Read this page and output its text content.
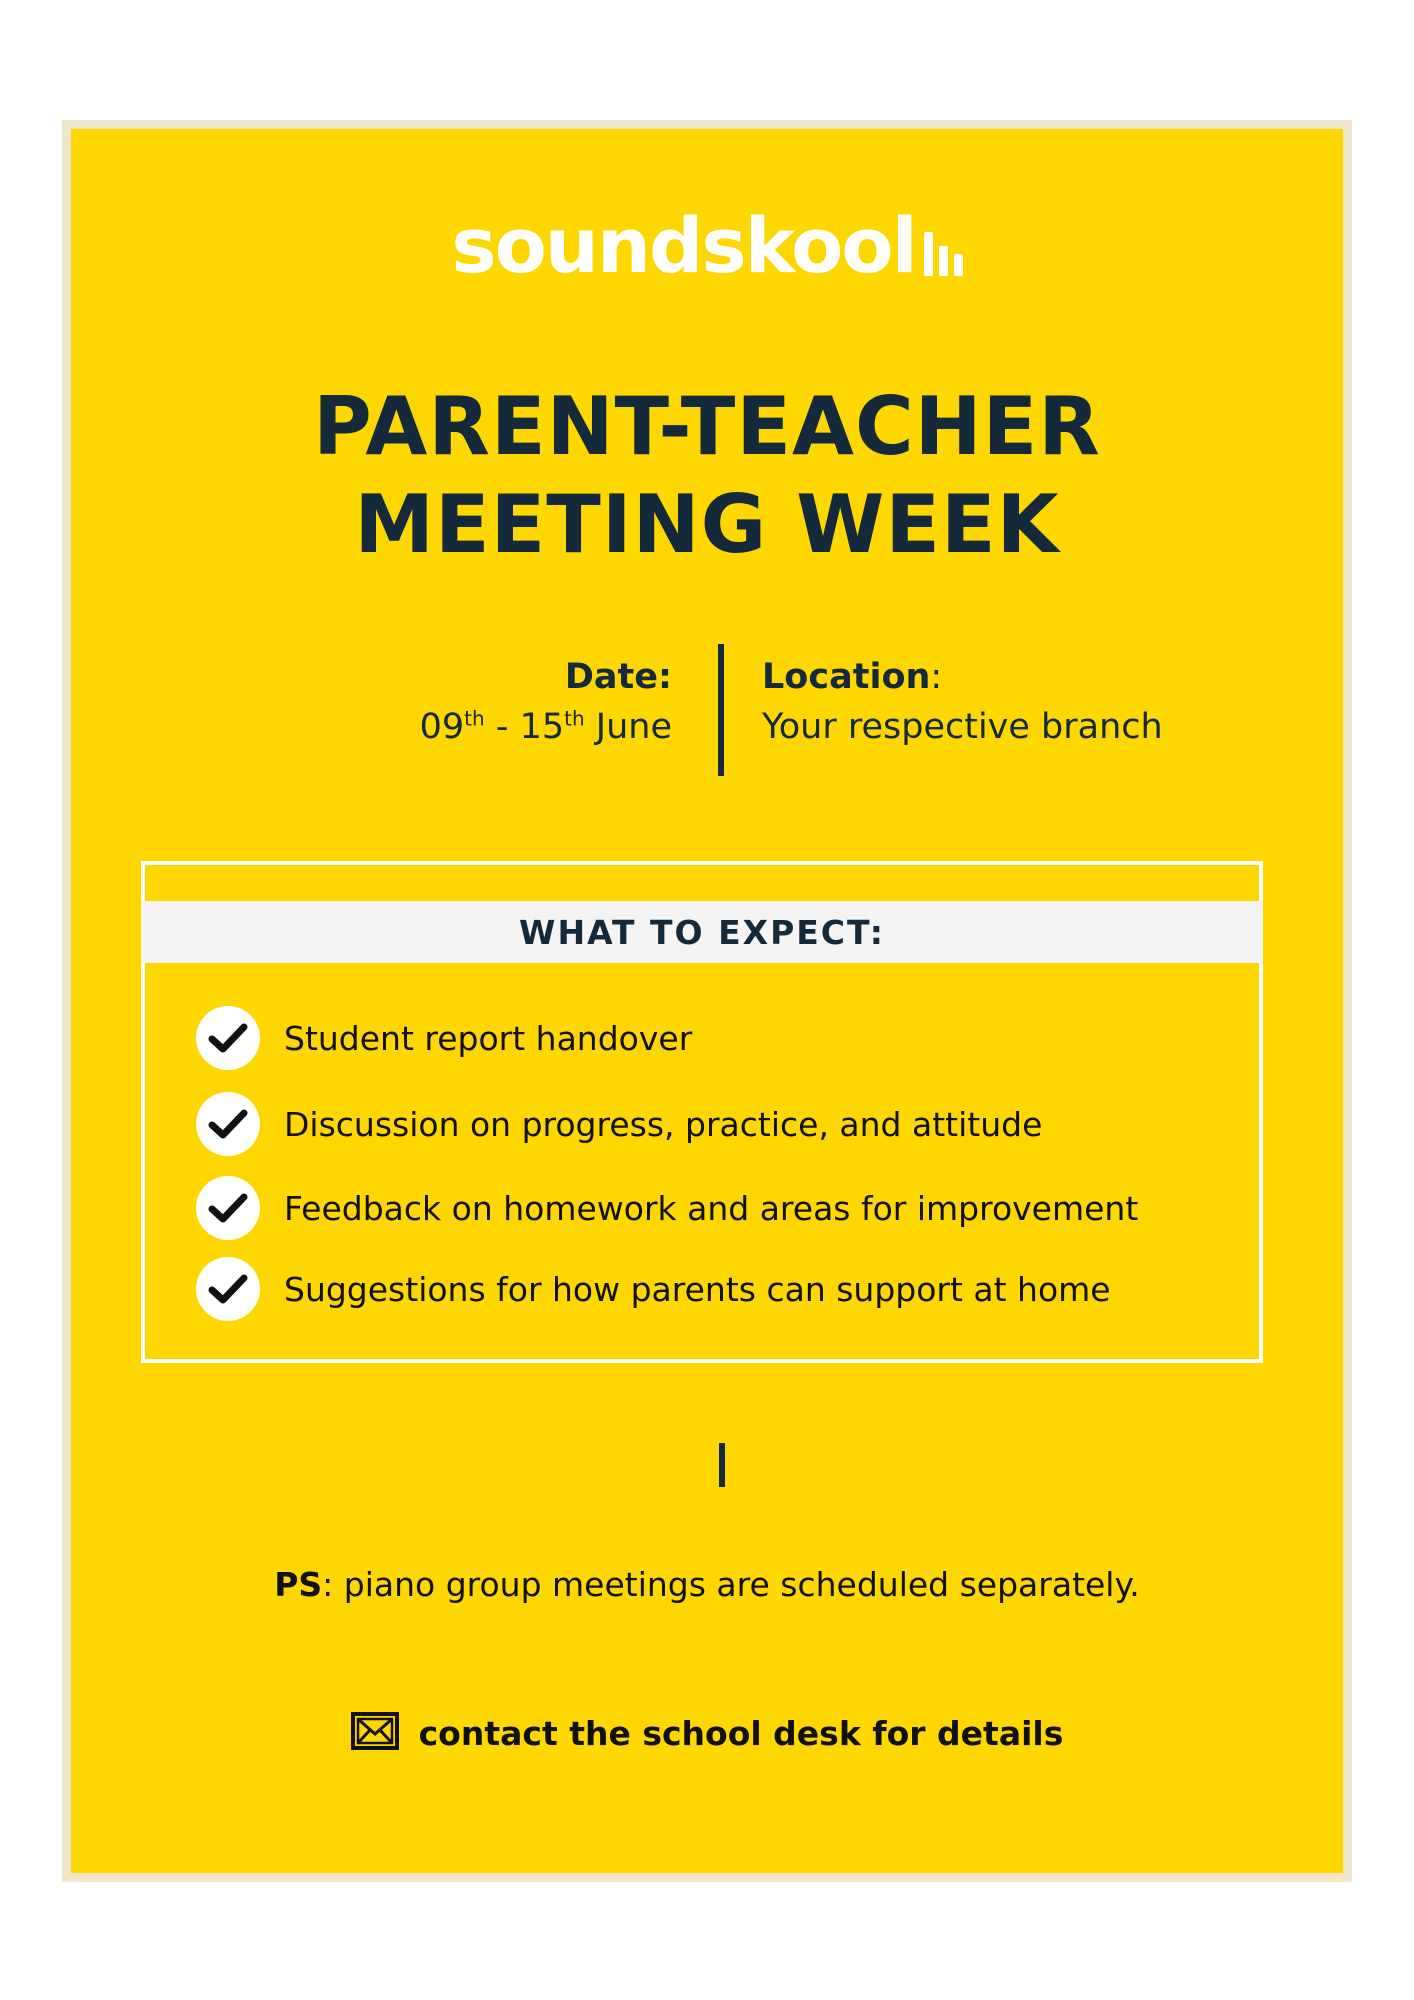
soundskool
PARENT-TEACHER
MEETING WEEK
Date:
09th - 15th June
Location:
Your respective branch
WHAT TO EXPECT:
Student report handover
Discussion on progress, practice, and attitude
Feedback on homework and areas for improvement
Suggestions for how parents can support at home
PS: piano group meetings are scheduled separately.
contact the school desk for details
